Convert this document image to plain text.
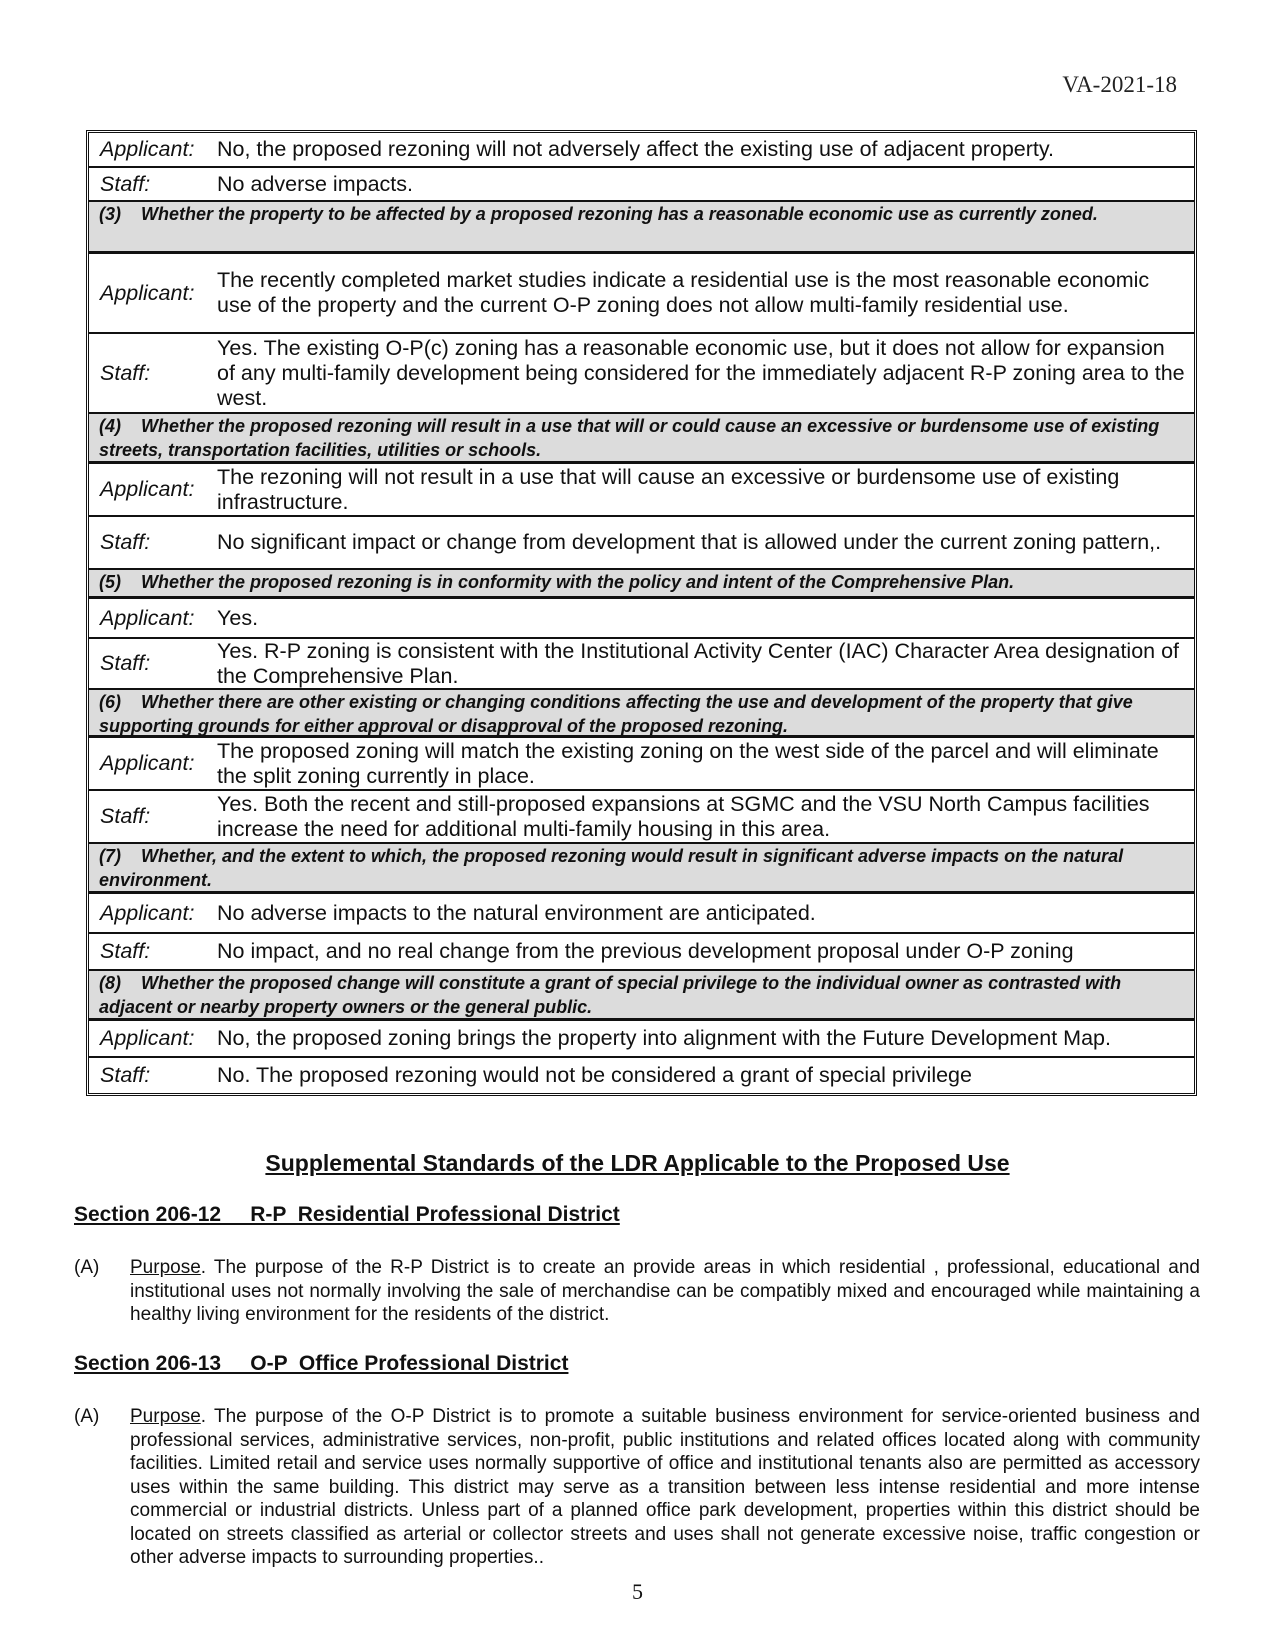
VA-2021-18
Applicant:	No, the proposed rezoning will not adversely affect the existing use of adjacent property.
Staff:	No adverse impacts.
(3)    Whether the property to be affected by a proposed rezoning has a reasonable economic use as currently zoned.
Applicant:
The recently completed market studies indicate a residential use is the most reasonable economic use of the property and the current O-P zoning does not allow multi-family residential use.
Staff:
Yes. The existing O-P(c) zoning has a reasonable economic use, but it does not allow for expansion of any multi-family development being considered for the immediately adjacent R-P zoning area to the west.
(4)    Whether the proposed rezoning will result in a use that will or could cause an excessive or burdensome use of existing streets, transportation facilities, utilities or schools.
Applicant:
The rezoning will not result in a use that will cause an excessive or burdensome use of existing infrastructure.
Staff:	No significant impact or change from development that is allowed under the current zoning pattern,.
(5)    Whether the proposed rezoning is in conformity with the policy and intent of the Comprehensive Plan.
Applicant:	Yes.
Staff:
Yes. R-P zoning is consistent with the Institutional Activity Center (IAC) Character Area designation of the Comprehensive Plan.
(6)    Whether there are other existing or changing conditions affecting the use and development of the property that give supporting grounds for either approval or disapproval of the proposed rezoning.
Applicant:
The proposed zoning will match the existing zoning on the west side of the parcel and will eliminate the split zoning currently in place.
Staff:
Yes. Both the recent and still-proposed expansions at SGMC and the VSU North Campus facilities increase the need for additional multi-family housing in this area.
(7)    Whether, and the extent to which, the proposed rezoning would result in significant adverse impacts on the natural environment.
Applicant:	No adverse impacts to the natural environment are anticipated.
Staff:	No impact, and no real change from the previous development proposal under O-P zoning
(8)    Whether the proposed change will constitute a grant of special privilege to the individual owner as contrasted with adjacent or nearby property owners or the general public.
Applicant:	No, the proposed zoning brings the property into alignment with the Future Development Map.
Staff:	No. The proposed rezoning would not be considered a grant of special privilege
Supplemental Standards of the LDR Applicable to the Proposed Use
Section 206-12     R-P  Residential Professional District
(A)	Purpose. The purpose of the R-P District is to create an provide areas in which residential , professional, educational and institutional uses not normally involving the sale of merchandise can be compatibly mixed and encouraged while maintaining a healthy living environment for the residents of the district.
Section 206-13     O-P  Office Professional District
(A)	Purpose. The purpose of the O-P District is to promote a suitable business environment for service-oriented business and professional services, administrative services, non-profit, public institutions and related offices located along with community facilities. Limited retail and service uses normally supportive of office and institutional tenants also are permitted as accessory uses within the same building. This district may serve as a transition between less intense residential and more intense commercial or industrial districts. Unless part of a planned office park development, properties within this district should be located on streets classified as arterial or collector streets and uses shall not generate excessive noise, traffic congestion or other adverse impacts to surrounding properties..
5
